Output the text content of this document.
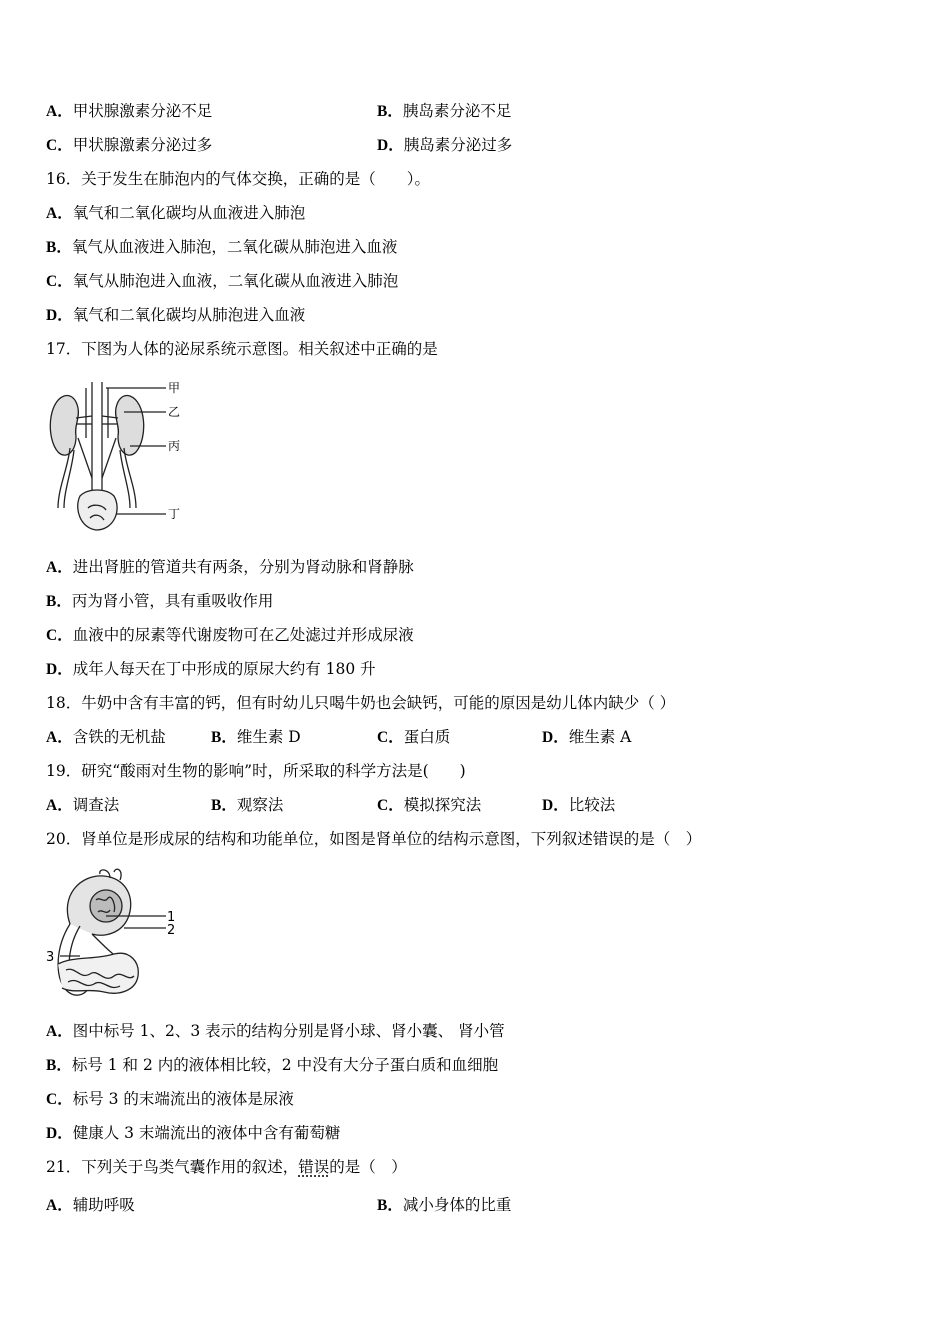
A．甲状腺激素分泌不足	B．胰岛素分泌不足
C．甲状腺激素分泌过多	D．胰岛素分泌过多
16．关于发生在肺泡内的气体交换，正确的是（　　）。
A．氧气和二氧化碳均从血液进入肺泡
B．氧气从血液进入肺泡，二氧化碳从肺泡进入血液
C．氧气从肺泡进入血液，二氧化碳从血液进入肺泡
D．氧气和二氧化碳均从肺泡进入血液
17．下图为人体的泌尿系统示意图。相关叙述中正确的是
甲
乙
丙
丁
A．进出肾脏的管道共有两条，分别为肾动脉和肾静脉
B．丙为肾小管，具有重吸收作用
C．血液中的尿素等代谢废物可在乙处滤过并形成尿液
D．成年人每天在丁中形成的原尿大约有 180 升
18．牛奶中含有丰富的钙，但有时幼儿只喝牛奶也会缺钙，可能的原因是幼儿体内缺少（ ）
A．含铁的无机盐	B．维生素 D	C．蛋白质	D．维生素 A
19．研究“酸雨对生物的影响”时，所采取的科学方法是(　　)
A．调查法	B．观察法	C．模拟探究法	D．比较法
20．肾单位是形成尿的结构和功能单位，如图是肾单位的结构示意图，下列叙述错误的是（　）
1
2
3
A．图中标号 1、2、3 表示的结构分别是肾小球、肾小囊、 肾小管
B．标号 1 和 2 内的液体相比较，2 中没有大分子蛋白质和血细胞
C．标号 3 的末端流出的液体是尿液
D．健康人 3 末端流出的液体中含有葡萄糖
21．下列关于鸟类气囊作用的叙述，错误的是（　）
A．辅助呼吸	B．减小身体的比重
